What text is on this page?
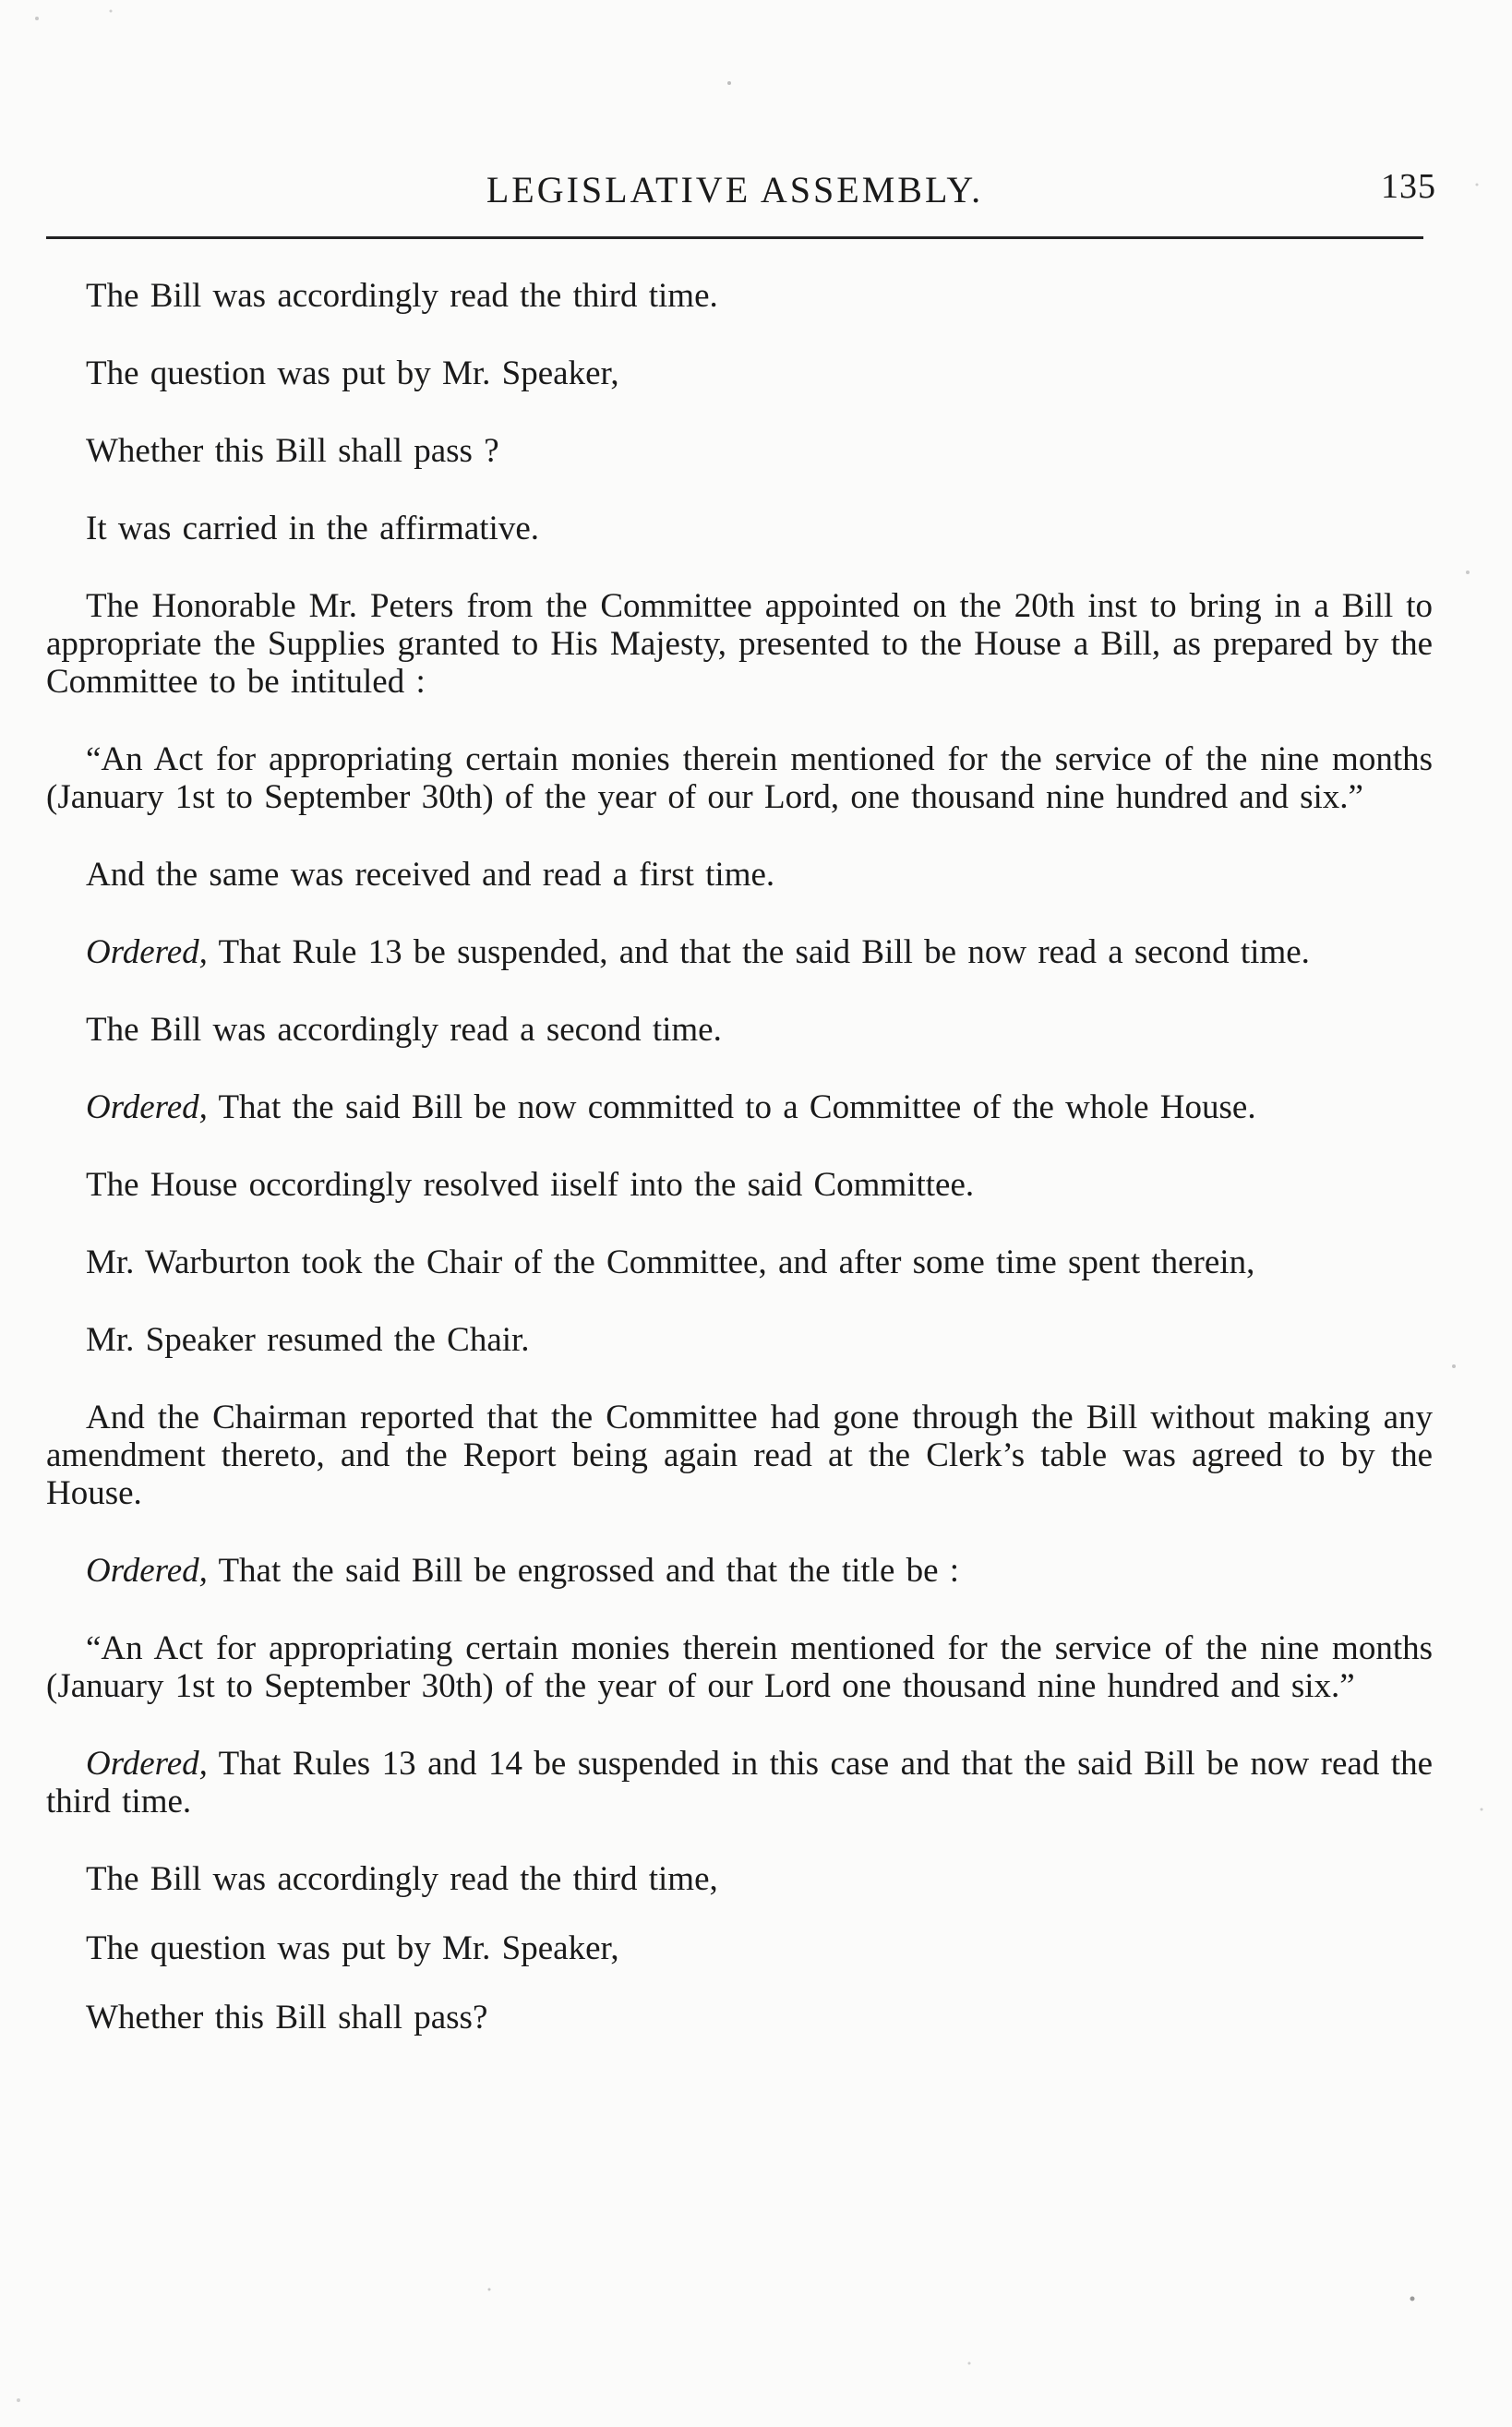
LEGISLATIVE ASSEMBLY.	135

The Bill was accordingly read the third time.

The question was put by Mr. Speaker,

Whether this Bill shall pass ?

It was carried in the affirmative.

The Honorable Mr. Peters from the Committee appointed on the 20th inst to bring in a Bill to appropriate the Supplies granted to His Majesty, presented to the House a Bill, as prepared by the Committee to be intituled :

“An Act for appropriating certain monies therein mentioned for the service of the nine months (January 1st to September 30th) of the year of our Lord, one thousand nine hundred and six.”

And the same was received and read a first time.

Ordered, That Rule 13 be suspended, and that the said Bill be now read a second time.

The Bill was accordingly read a second time.

Ordered, That the said Bill be now committed to a Committee of the whole House.

The House occordingly resolved iiself into the said Committee.

Mr. Warburton took the Chair of the Committee, and after some time spent therein,

Mr. Speaker resumed the Chair.

And the Chairman reported that the Committee had gone through the Bill without making any amendment thereto, and the Report being again read at the Clerk’s table was agreed to by the House.

Ordered, That the said Bill be engrossed and that the title be :

“An Act for appropriating certain monies therein mentioned for the service of the nine months (January 1st to September 30th) of the year of our Lord one thousand nine hundred and six.”

Ordered, That Rules 13 and 14 be suspended in this case and that the said Bill be now read the third time.

The Bill was accordingly read the third time,

The question was put by Mr. Speaker,

Whether this Bill shall pass?
